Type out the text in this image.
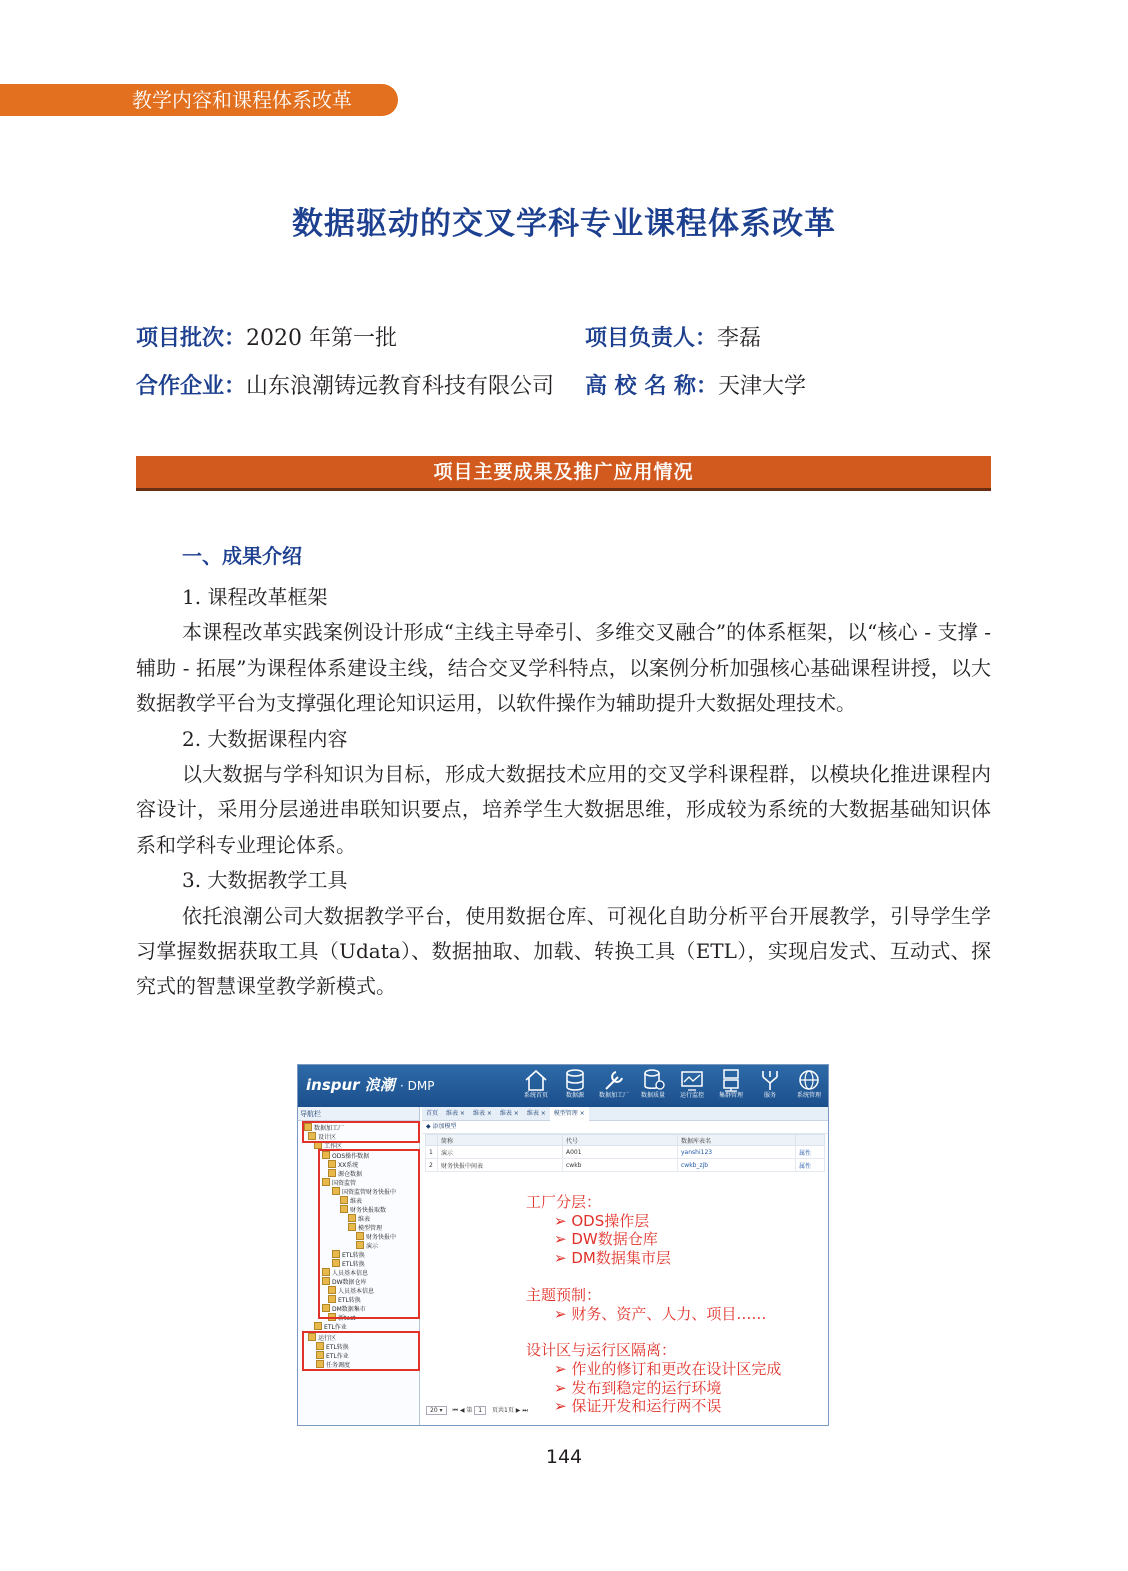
教学内容和课程体系改革
数据驱动的交叉学科专业课程体系改革
项目批次： 2020 年第一批	项目负责人： 李磊
合作企业： 山东浪潮铸远教育科技有限公司 高 校 名 称： 天津大学
项目主要成果及推广应用情况
一、成果介绍

1. 课程改革框架

本课程改革实践案例设计形成“主线主导牵引、多维交叉融合”的体系框架，以“核心 - 支撑 - 辅助 - 拓展”为课程体系建设主线，结合交叉学科特点，以案例分析加强核心基础课程讲授，以大数据教学平台为支撑强化理论知识运用，以软件操作为辅助提升大数据处理技术。

2. 大数据课程内容

以大数据与学科知识为目标，形成大数据技术应用的交叉学科课程群，以模块化推进课程内容设计，采用分层递进串联知识要点，培养学生大数据思维，形成较为系统的大数据基础知识体系和学科专业理论体系。

3. 大数据教学工具

依托浪潮公司大数据教学平台，使用数据仓库、可视化自助分析平台开展教学，引导学生学习掌握数据获取工具（Udata）、数据抽取、加载、转换工具（ETL），实现启发式、互动式、探究式的智慧课堂教学新模式。

inspur 浪潮 · DMP
系统首页	数据源	数据加工厂	数据质量	运行监控	集群管理	服务	系统管理
导航栏
数据加工厂
设计区
工作区
ODS操作数据
XX系统
源仓数据
国资监管
国资监管财务快报中
维表
财务快报取数
维表
模型管理
财务快报中
演示
ETL转换
ETL转换
人员基本信息
DW数据仓库
人员基本信息
ETL转换
DM数据集市
新test
ETL作业
运行区
ETL转换
ETL作业
任务调度
首页 维表 × 维表 × 维表 × 维表 × 模型管理 ×
◆ 添加模型
	简称	代号	数据库表名	
1	演示	A001	yanshi123	属性
2	财务快报中间表	cwkb	cwkb_zjb	属性
工厂分层：
➢ ODS操作层
➢ DW数据仓库
➢ DM数据集市层
主题预制：
➢ 财务、资产、人力、项目……
设计区与运行区隔离：
➢ 作业的修订和更改在设计区完成
➢ 发布到稳定的运行环境
➢ 保证开发和运行两不误
20 ▾ ⏮ ◀ 第 1 页共1页 ▶ ⏭
144
